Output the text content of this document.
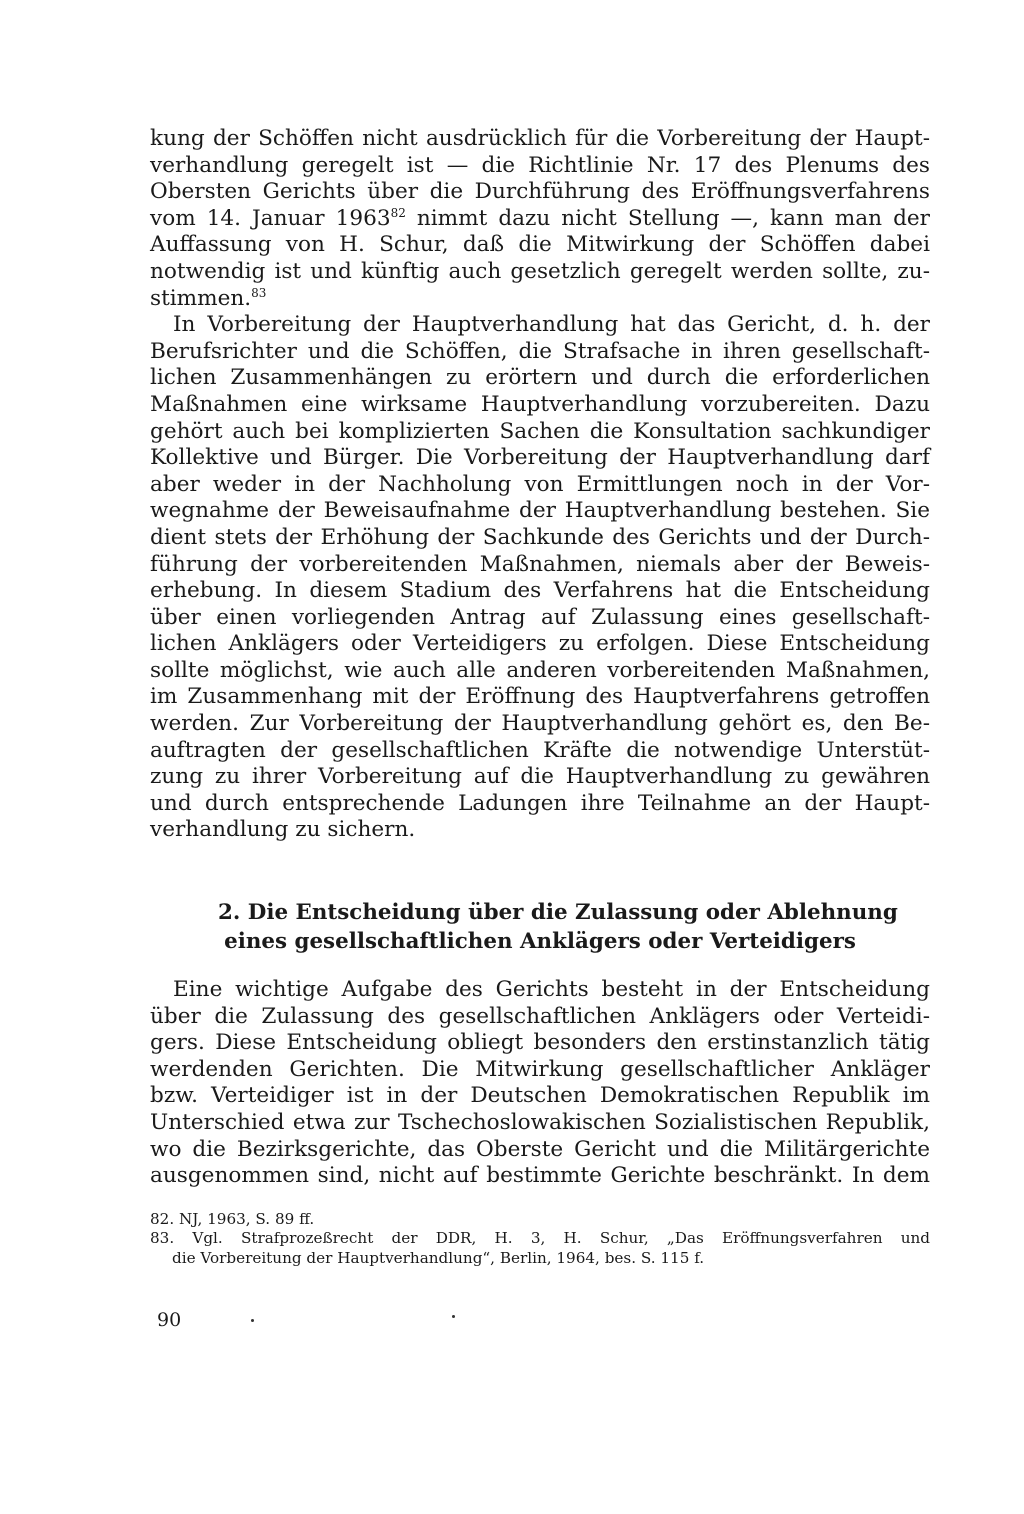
kung der Schöffen nicht ausdrücklich für die Vorbereitung der Haupt-
verhandlung geregelt ist — die Richtlinie Nr. 17 des Plenums des
Obersten Gerichts über die Durchführung des Eröffnungsverfahrens
vom 14. Januar 1963$^{82}$ nimmt dazu nicht Stellung —, kann man der
Auffassung von H. Schur, daß die Mitwirkung der Schöffen dabei
notwendig ist und künftig auch gesetzlich geregelt werden sollte, zu-
stimmen.$^{83}$
In Vorbereitung der Hauptverhandlung hat das Gericht, d. h. der
Berufsrichter und die Schöffen, die Strafsache in ihren gesellschaft-
lichen Zusammenhängen zu erörtern und durch die erforderlichen
Maßnahmen eine wirksame Hauptverhandlung vorzubereiten. Dazu
gehört auch bei komplizierten Sachen die Konsultation sachkundiger
Kollektive und Bürger. Die Vorbereitung der Hauptverhandlung darf
aber weder in der Nachholung von Ermittlungen noch in der Vor-
wegnahme der Beweisaufnahme der Hauptverhandlung bestehen. Sie
dient stets der Erhöhung der Sachkunde des Gerichts und der Durch-
führung der vorbereitenden Maßnahmen, niemals aber der Beweis-
erhebung. In diesem Stadium des Verfahrens hat die Entscheidung
über einen vorliegenden Antrag auf Zulassung eines gesellschaft-
lichen Anklägers oder Verteidigers zu erfolgen. Diese Entscheidung
sollte möglichst, wie auch alle anderen vorbereitenden Maßnahmen,
im Zusammenhang mit der Eröffnung des Hauptverfahrens getroffen
werden. Zur Vorbereitung der Hauptverhandlung gehört es, den Be-
auftragten der gesellschaftlichen Kräfte die notwendige Unterstüt-
zung zu ihrer Vorbereitung auf die Hauptverhandlung zu gewähren
und durch entsprechende Ladungen ihre Teilnahme an der Haupt-
verhandlung zu sichern.
2. Die Entscheidung über die Zulassung oder Ablehnung
eines gesellschaftlichen Anklägers oder Verteidigers
Eine wichtige Aufgabe des Gerichts besteht in der Entscheidung
über die Zulassung des gesellschaftlichen Anklägers oder Verteidi-
gers. Diese Entscheidung obliegt besonders den erstinstanzlich tätig
werdenden Gerichten. Die Mitwirkung gesellschaftlicher Ankläger
bzw. Verteidiger ist in der Deutschen Demokratischen Republik im
Unterschied etwa zur Tschechoslowakischen Sozialistischen Republik,
wo die Bezirksgerichte, das Oberste Gericht und die Militärgerichte
ausgenommen sind, nicht auf bestimmte Gerichte beschränkt. In dem
82. NJ, 1963, S. 89 ff.
83. Vgl. Strafprozeßrecht der DDR, H. 3, H. Schur, „Das Eröffnungsverfahren und
die Vorbereitung der Hauptverhandlung“, Berlin, 1964, bes. S. 115 f.
90
